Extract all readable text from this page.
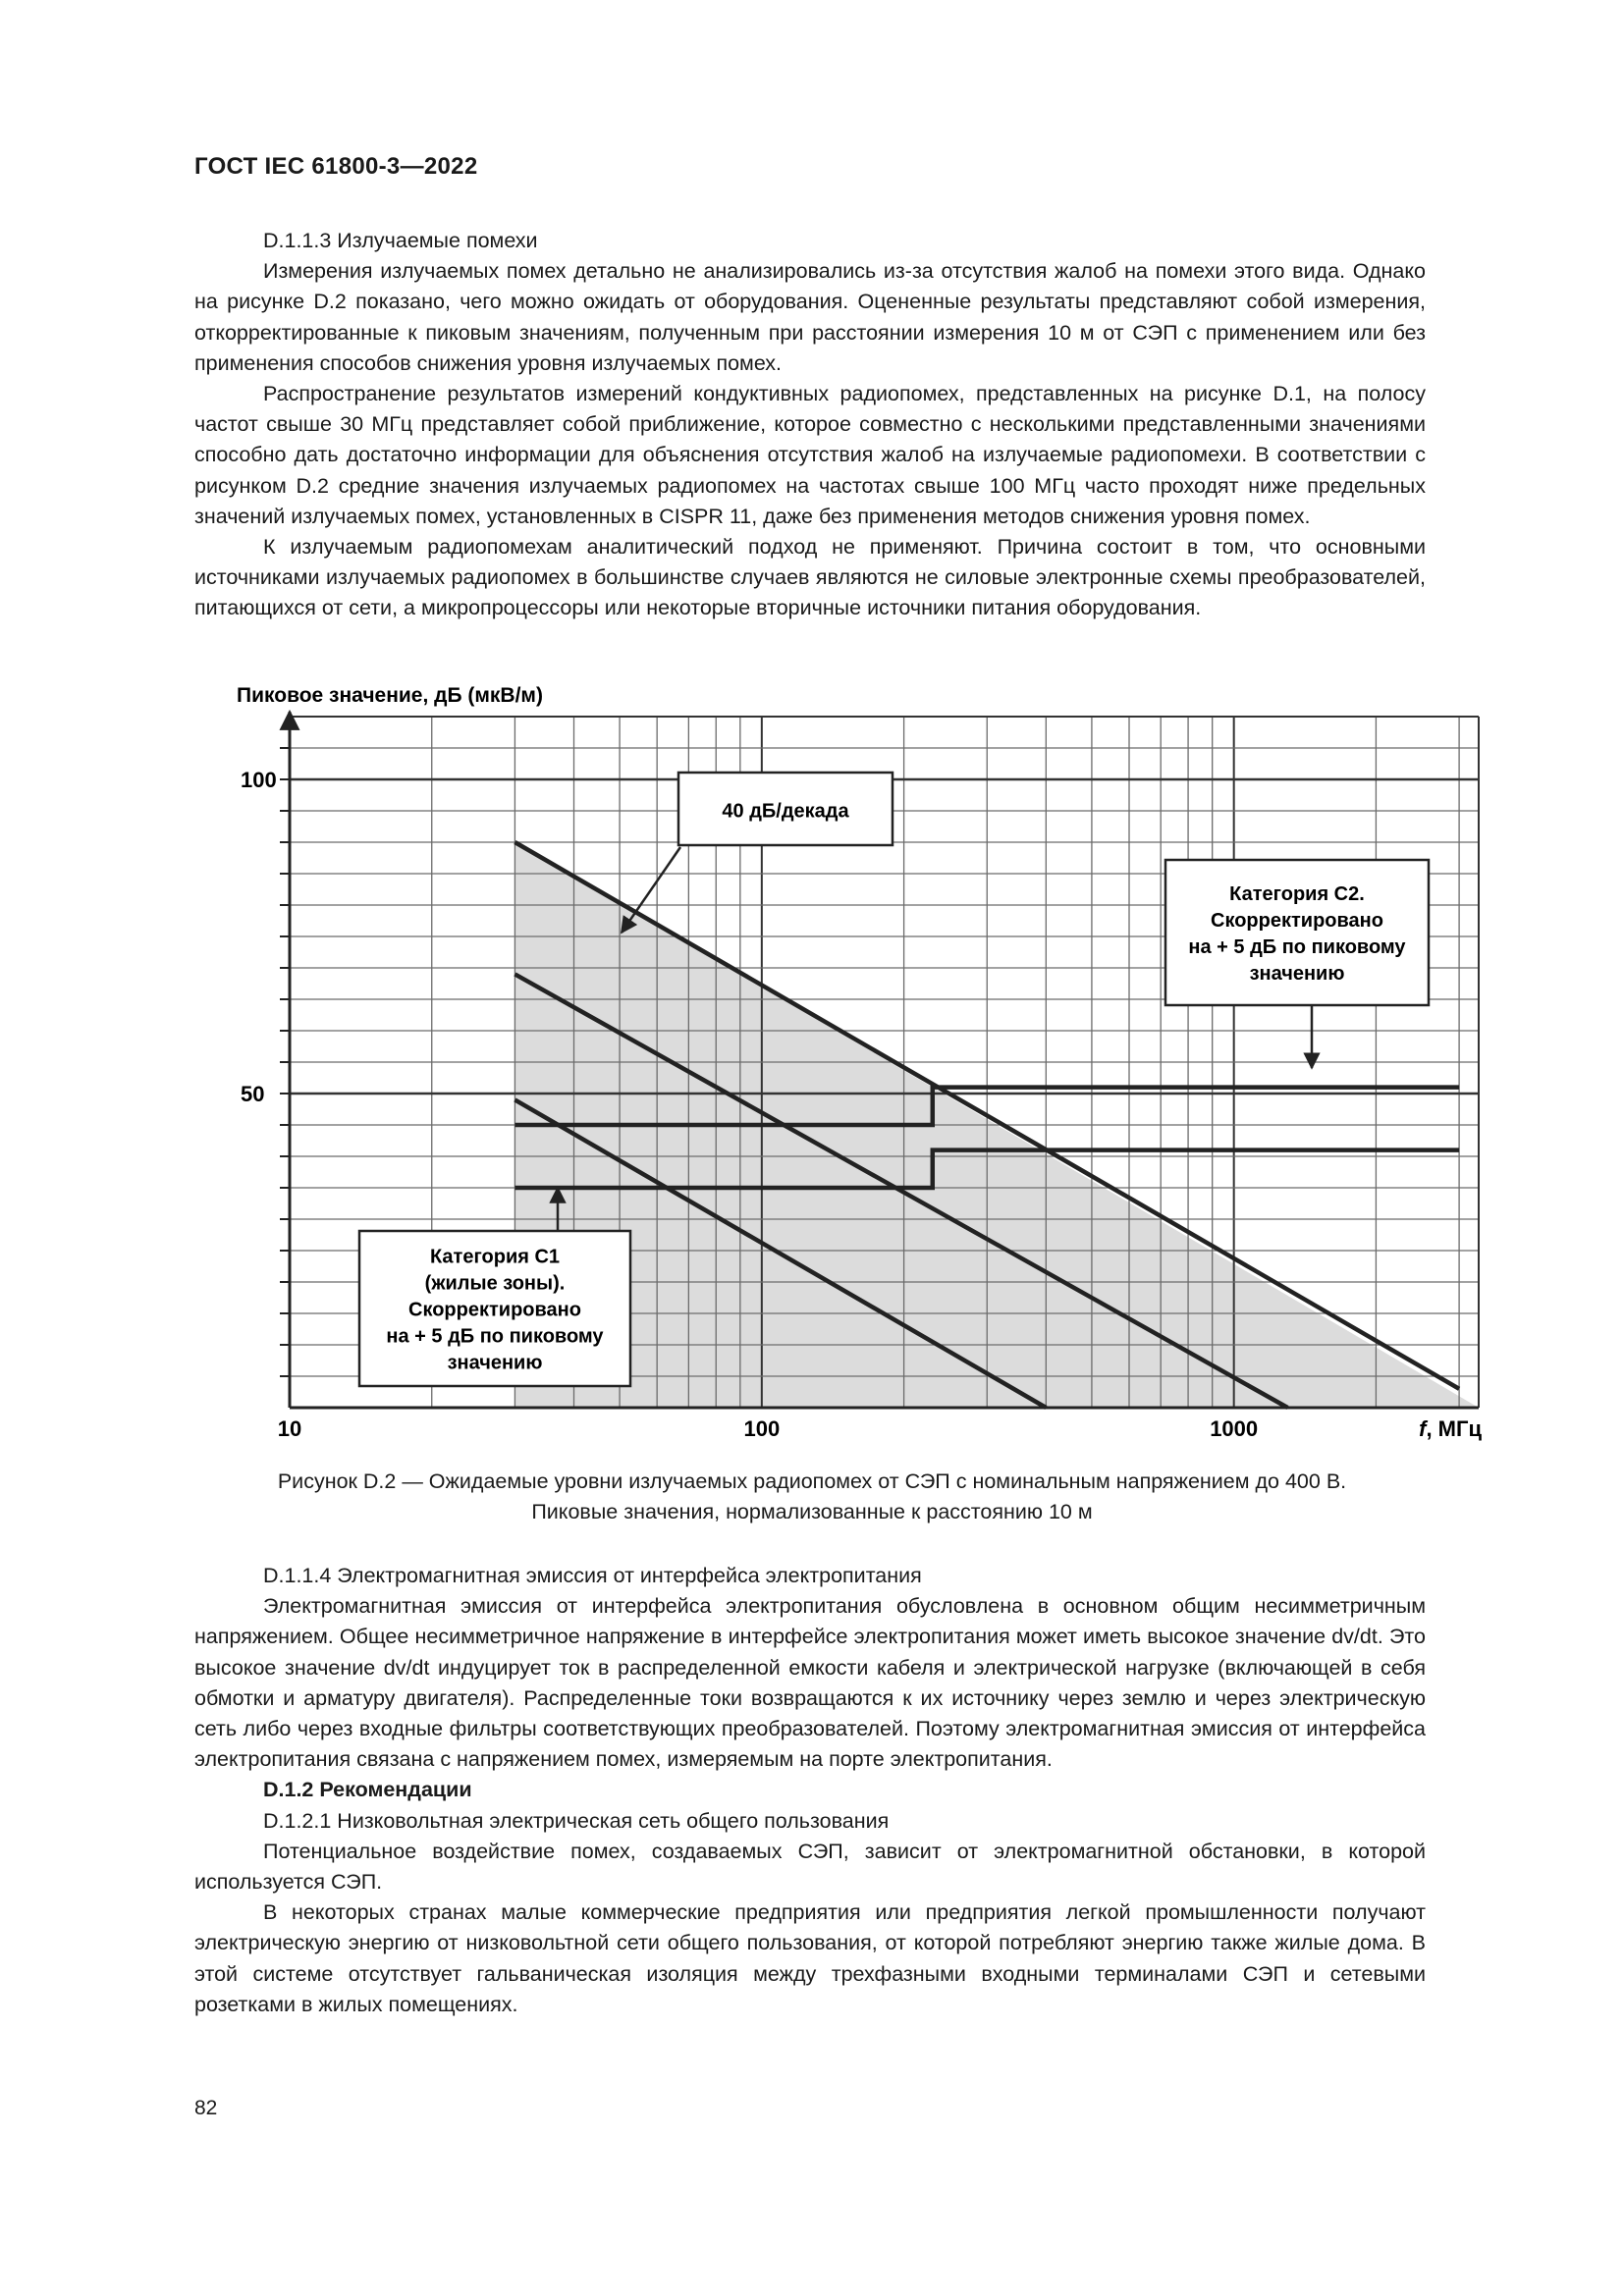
ГОСТ IEC 61800-3—2022

D.1.1.3 Излучаемые помехи

Измерения излучаемых помех детально не анализировались из-за отсутствия жалоб на помехи этого вида. Однако на рисунке D.2 показано, чего можно ожидать от оборудования. Оцененные результаты представляют собой измерения, откорректированные к пиковым значениям, полученным при расстоянии измерения 10 м от СЭП с применением или без применения способов снижения уровня излучаемых помех.

Распространение результатов измерений кондуктивных радиопомех, представленных на рисунке D.1, на полосу частот свыше 30 МГц представляет собой приближение, которое совместно с несколькими представленными значениями способно дать достаточно информации для объяснения отсутствия жалоб на излучаемые радиопомехи. В соответствии с рисунком D.2 средние значения излучаемых радиопомех на частотах свыше 100 МГц часто проходят ниже предельных значений излучаемых помех, установленных в CISPR 11, даже без применения методов снижения уровня помех.

К излучаемым радиопомехам аналитический подход не применяют. Причина состоит в том, что основными источниками излучаемых радиопомех в большинстве случаев являются не силовые электронные схемы преобразователей, питающихся от сети, а микропроцессоры или некоторые вторичные источники питания оборудования.

40 дБ/декада
Категория C2.
Скорректировано
на + 5 дБ по пиковому
значению
Категория C1
(жилые зоны).
Скорректировано
на + 5 дБ по пиковому
значению
10	100	1000
50
100
Пиковое значение, дБ (мкВ/м)
f, МГц
Рисунок D.2 — Ожидаемые уровни излучаемых радиопомех от СЭП с номинальным напряжением до 400 В.
Пиковые значения, нормализованные к расстоянию 10 м

D.1.1.4 Электромагнитная эмиссия от интерфейса электропитания

Электромагнитная эмиссия от интерфейса электропитания обусловлена в основном общим несимметричным напряжением. Общее несимметричное напряжение в интерфейсе электропитания может иметь высокое значение dv/dt. Это высокое значение dv/dt индуцирует ток в распределенной емкости кабеля и электрической нагрузке (включающей в себя обмотки и арматуру двигателя). Распределенные токи возвращаются к их источнику через землю и через электрическую сеть либо через входные фильтры соответствующих преобразователей. Поэтому электромагнитная эмиссия от интерфейса электропитания связана с напряжением помех, измеряемым на порте электропитания.

D.1.2 Рекомендации

D.1.2.1 Низковольтная электрическая сеть общего пользования

Потенциальное воздействие помех, создаваемых СЭП, зависит от электромагнитной обстановки, в которой используется СЭП.

В некоторых странах малые коммерческие предприятия или предприятия легкой промышленности получают электрическую энергию от низковольтной сети общего пользования, от которой потребляют энергию также жилые дома. В этой системе отсутствует гальваническая изоляция между трехфазными входными терминалами СЭП и сетевыми розетками в жилых помещениях.

82
